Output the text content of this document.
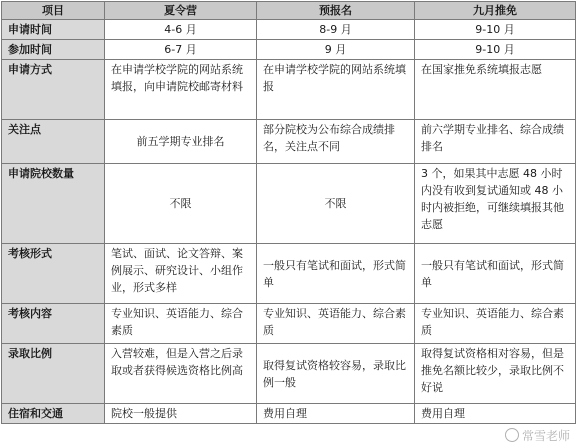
项目	夏令营	预报名	九月推免
申请时间	4-6 月	8-9 月	9-10 月
参加时间	6-7 月	9 月	9-10 月
申请方式	在申请学校学院的网站系统填报，向申请院校邮寄材料	在申请学校学院的网站系统填报	在国家推免系统填报志愿
关注点	前五学期专业排名	部分院校为公布综合成绩排名，关注点不同	前六学期专业排名、综合成绩排名
申请院校数量	不限	不限	3 个，如果其中志愿 48 小时内没有收到复试通知或 48 小时内被拒绝，可继续填报其他志愿
考核形式	笔试、面试、论文答辩、案例展示、研究设计、小组作业，形式多样	一般只有笔试和面试，形式简单	一般只有笔试和面试，形式简单
考核内容	专业知识、英语能力、综合素质	专业知识、英语能力、综合素质	专业知识、英语能力、综合素质
录取比例	入营较难，但是入营之后录取或者获得候选资格比例高	取得复试资格较容易，录取比例一般	取得复试资格相对容易，但是推免名额比较少，录取比例不好说
住宿和交通	院校一般提供	费用自理	费用自理
常雪老师
